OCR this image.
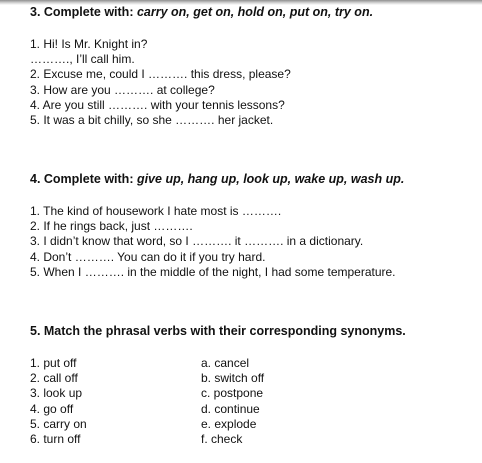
3. Complete with: carry on, get on, hold on, put on, try on.
1. Hi! Is Mr. Knight in?
………., I’ll call him.
2. Excuse me, could I ………. this dress, please?
3. How are you ………. at college?
4. Are you still ………. with your tennis lessons?
5. It was a bit chilly, so she ………. her jacket.
4. Complete with: give up, hang up, look up, wake up, wash up.
1. The kind of housework I hate most is ……….
2. If he rings back, just ……….
3. I didn’t know that word, so I ………. it ………. in a dictionary.
4. Don’t ………. You can do it if you try hard.
5. When I ………. in the middle of the night, I had some temperature.
5. Match the phrasal verbs with their corresponding synonyms.
1. put off
2. call off
3. look up
4. go off
5. carry on
6. turn off
a. cancel
b. switch off
c. postpone
d. continue
e. explode
f. check
